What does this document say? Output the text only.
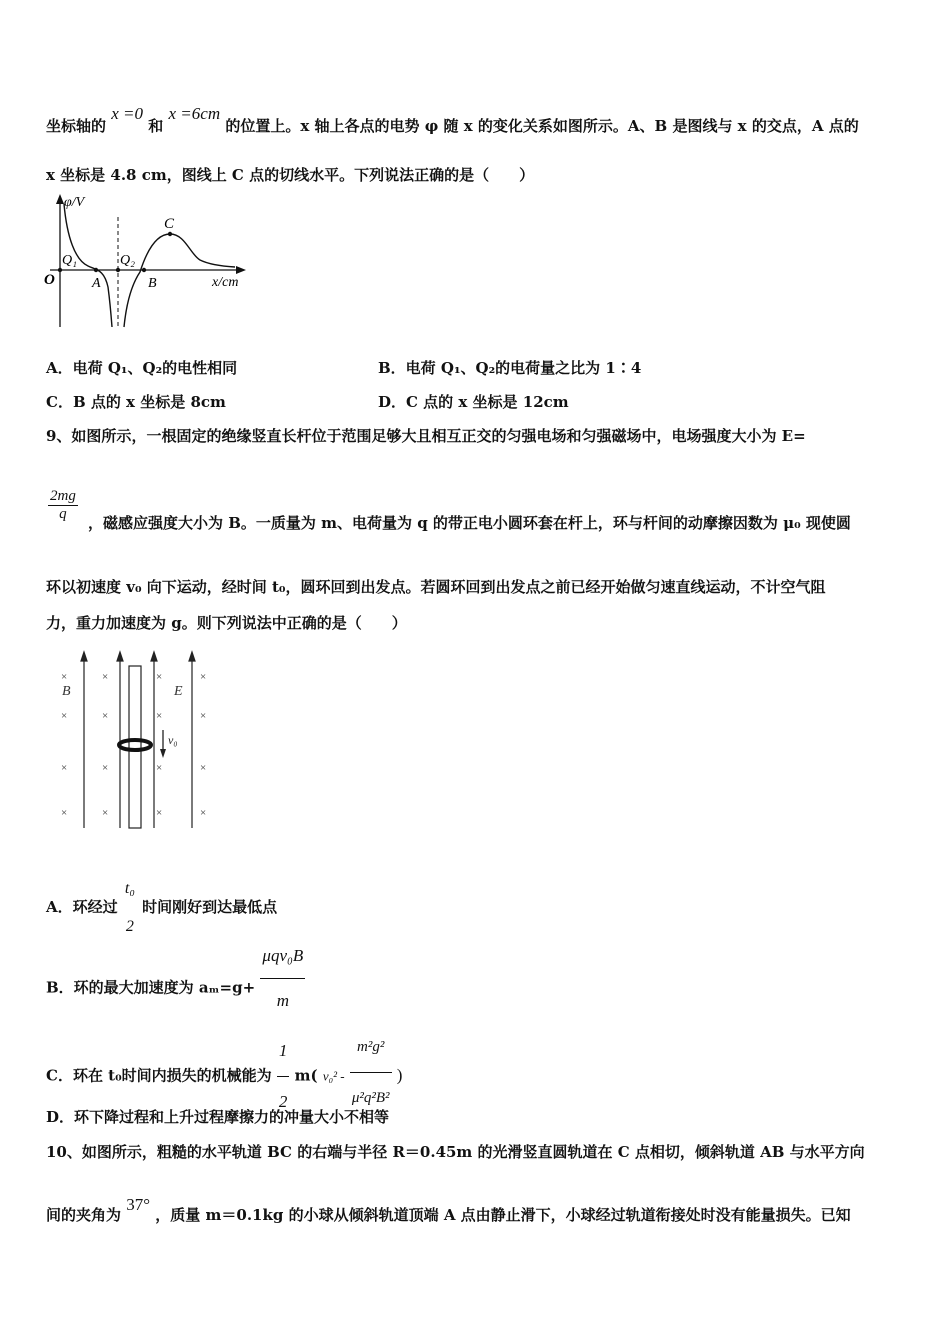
坐标轴的 x =0 和 x =6cm 的位置上。x 轴上各点的电势 φ 随 x 的变化关系如图所示。A、B 是图线与 x 的交点，A 点的
x 坐标是 4.8 cm，图线上 C 点的切线水平。下列说法正确的是（　　）
φ/V
x/cm
O
Q₁
A
Q₂
B
C
A．电荷 Q₁、Q₂的电性相同	B．电荷 Q₁、Q₂的电荷量之比为 1∶4
C．B 点的 x 坐标是 8cm	D．C 点的 x 坐标是 12cm
9、如图所示，一根固定的绝缘竖直长杆位于范围足够大且相互正交的匀强电场和匀强磁场中，电场强度大小为 E=
$\frac{2mg}{q}$ ，磁感应强度大小为 B。一质量为 m、电荷量为 q 的带正电小圆环套在杆上，环与杆间的动摩擦因数为 μ₀ 现使圆
环以初速度 v₀ 向下运动，经时间 t₀，圆环回到出发点。若圆环回到出发点之前已经开始做匀速直线运动，不计空气阻
力，重力加速度为 g。则下列说法中正确的是（　　）
v₀
B	E
×
×
×
×
×
×
×
×
×
×
×
×
×
×
×
×
A．环经过
t₀
2
时间刚好到达最低点
B．环的最大加速度为 $a_m=g+ \frac{\text{μqv₀B}}{m}$
C．环在 t₀时间内损失的机械能为 $\frac{1}{2} m$( $v_0^2 - \frac{\text{m²g²}}{\text{μ²q²B²}}$ )
D．环下降过程和上升过程摩擦力的冲量大小不相等
10、如图所示，粗糙的水平轨道 BC 的右端与半径 R＝0.45m 的光滑竖直圆轨道在 C 点相切，倾斜轨道 AB 与水平方向
间的夹角为 37° ，质量 m＝0.1kg 的小球从倾斜轨道顶端 A 点由静止滑下，小球经过轨道衔接处时没有能量损失。已知
